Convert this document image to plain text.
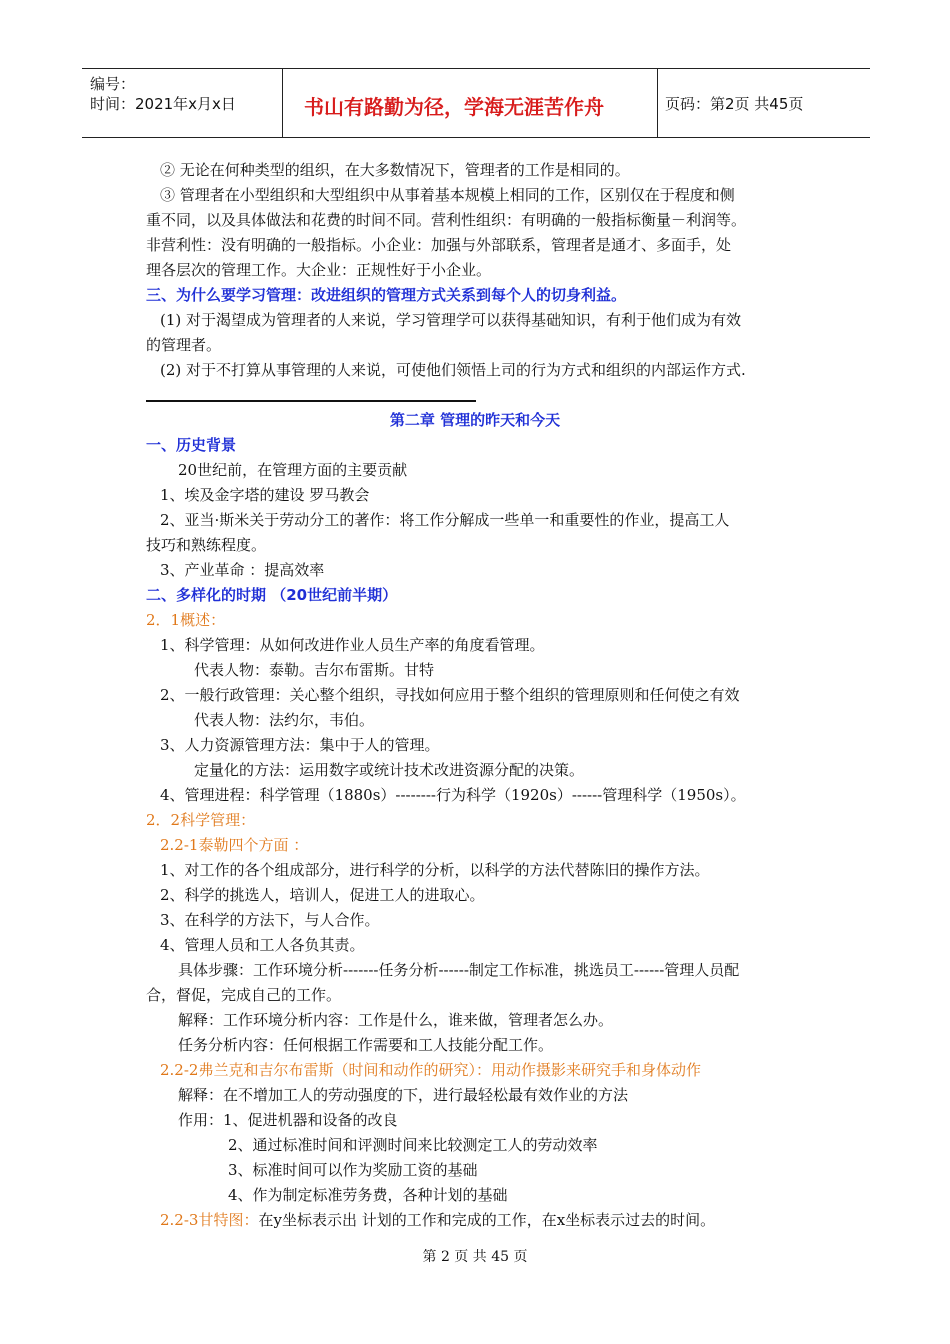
编号：
时间：2021年x月x日	书山有路勤为径，学海无涯苦作舟	页码：第2页 共45页
② 无论在何种类型的组织，在大多数情况下，管理者的工作是相同的。
③ 管理者在小型组织和大型组织中从事着基本规模上相同的工作，区别仅在于程度和侧
重不同，以及具体做法和花费的时间不同。营利性组织：有明确的一般指标衡量－利润等。
非营利性：没有明确的一般指标。小企业：加强与外部联系，管理者是通才、多面手，处
理各层次的管理工作。大企业：正规性好于小企业。
三、为什么要学习管理：改进组织的管理方式关系到每个人的切身利益。
(1) 对于渴望成为管理者的人来说，学习管理学可以获得基础知识，有利于他们成为有效
的管理者。
(2) 对于不打算从事管理的人来说，可使他们领悟上司的行为方式和组织的内部运作方式.
第二章 管理的昨天和今天
一、历史背景
20世纪前，在管理方面的主要贡献
1、埃及金字塔的建设 罗马教会
2、亚当·斯米关于劳动分工的著作：将工作分解成一些单一和重要性的作业，提高工人
技巧和熟练程度。
3、产业革命 ：提高效率
二、多样化的时期 （20世纪前半期）
2．1概述：
1、科学管理：从如何改进作业人员生产率的角度看管理。
代表人物：泰勒。吉尔布雷斯。甘特
2、一般行政管理：关心整个组织，寻找如何应用于整个组织的管理原则和任何使之有效
代表人物：法约尔，韦伯。
3、人力资源管理方法：集中于人的管理。
定量化的方法：运用数字或统计技术改进资源分配的决策。
4、管理进程：科学管理（1880s）--------行为科学（1920s）------管理科学（1950s）。
2．2科学管理：
2.2-1泰勒四个方面 ：
1、对工作的各个组成部分，进行科学的分析，以科学的方法代替陈旧的操作方法。
2、科学的挑选人，培训人，促进工人的进取心。
3、在科学的方法下，与人合作。
4、管理人员和工人各负其责。
具体步骤：工作环境分析-------任务分析------制定工作标准，挑选员工------管理人员配
合，督促，完成自己的工作。
解释：工作环境分析内容：工作是什么，谁来做，管理者怎么办。
任务分析内容：任何根据工作需要和工人技能分配工作。
2.2-2弗兰克和吉尔布雷斯（时间和动作的研究）：用动作摄影来研究手和身体动作
解释：在不增加工人的劳动强度的下，进行最轻松最有效作业的方法
作用：1、促进机器和设备的改良
2、通过标准时间和评测时间来比较测定工人的劳动效率
3、标准时间可以作为奖励工资的基础
4、作为制定标准劳务费，各种计划的基础
2.2-3甘特图：在y坐标表示出 计划的工作和完成的工作，在x坐标表示过去的时间。
第 2 页 共 45 页
